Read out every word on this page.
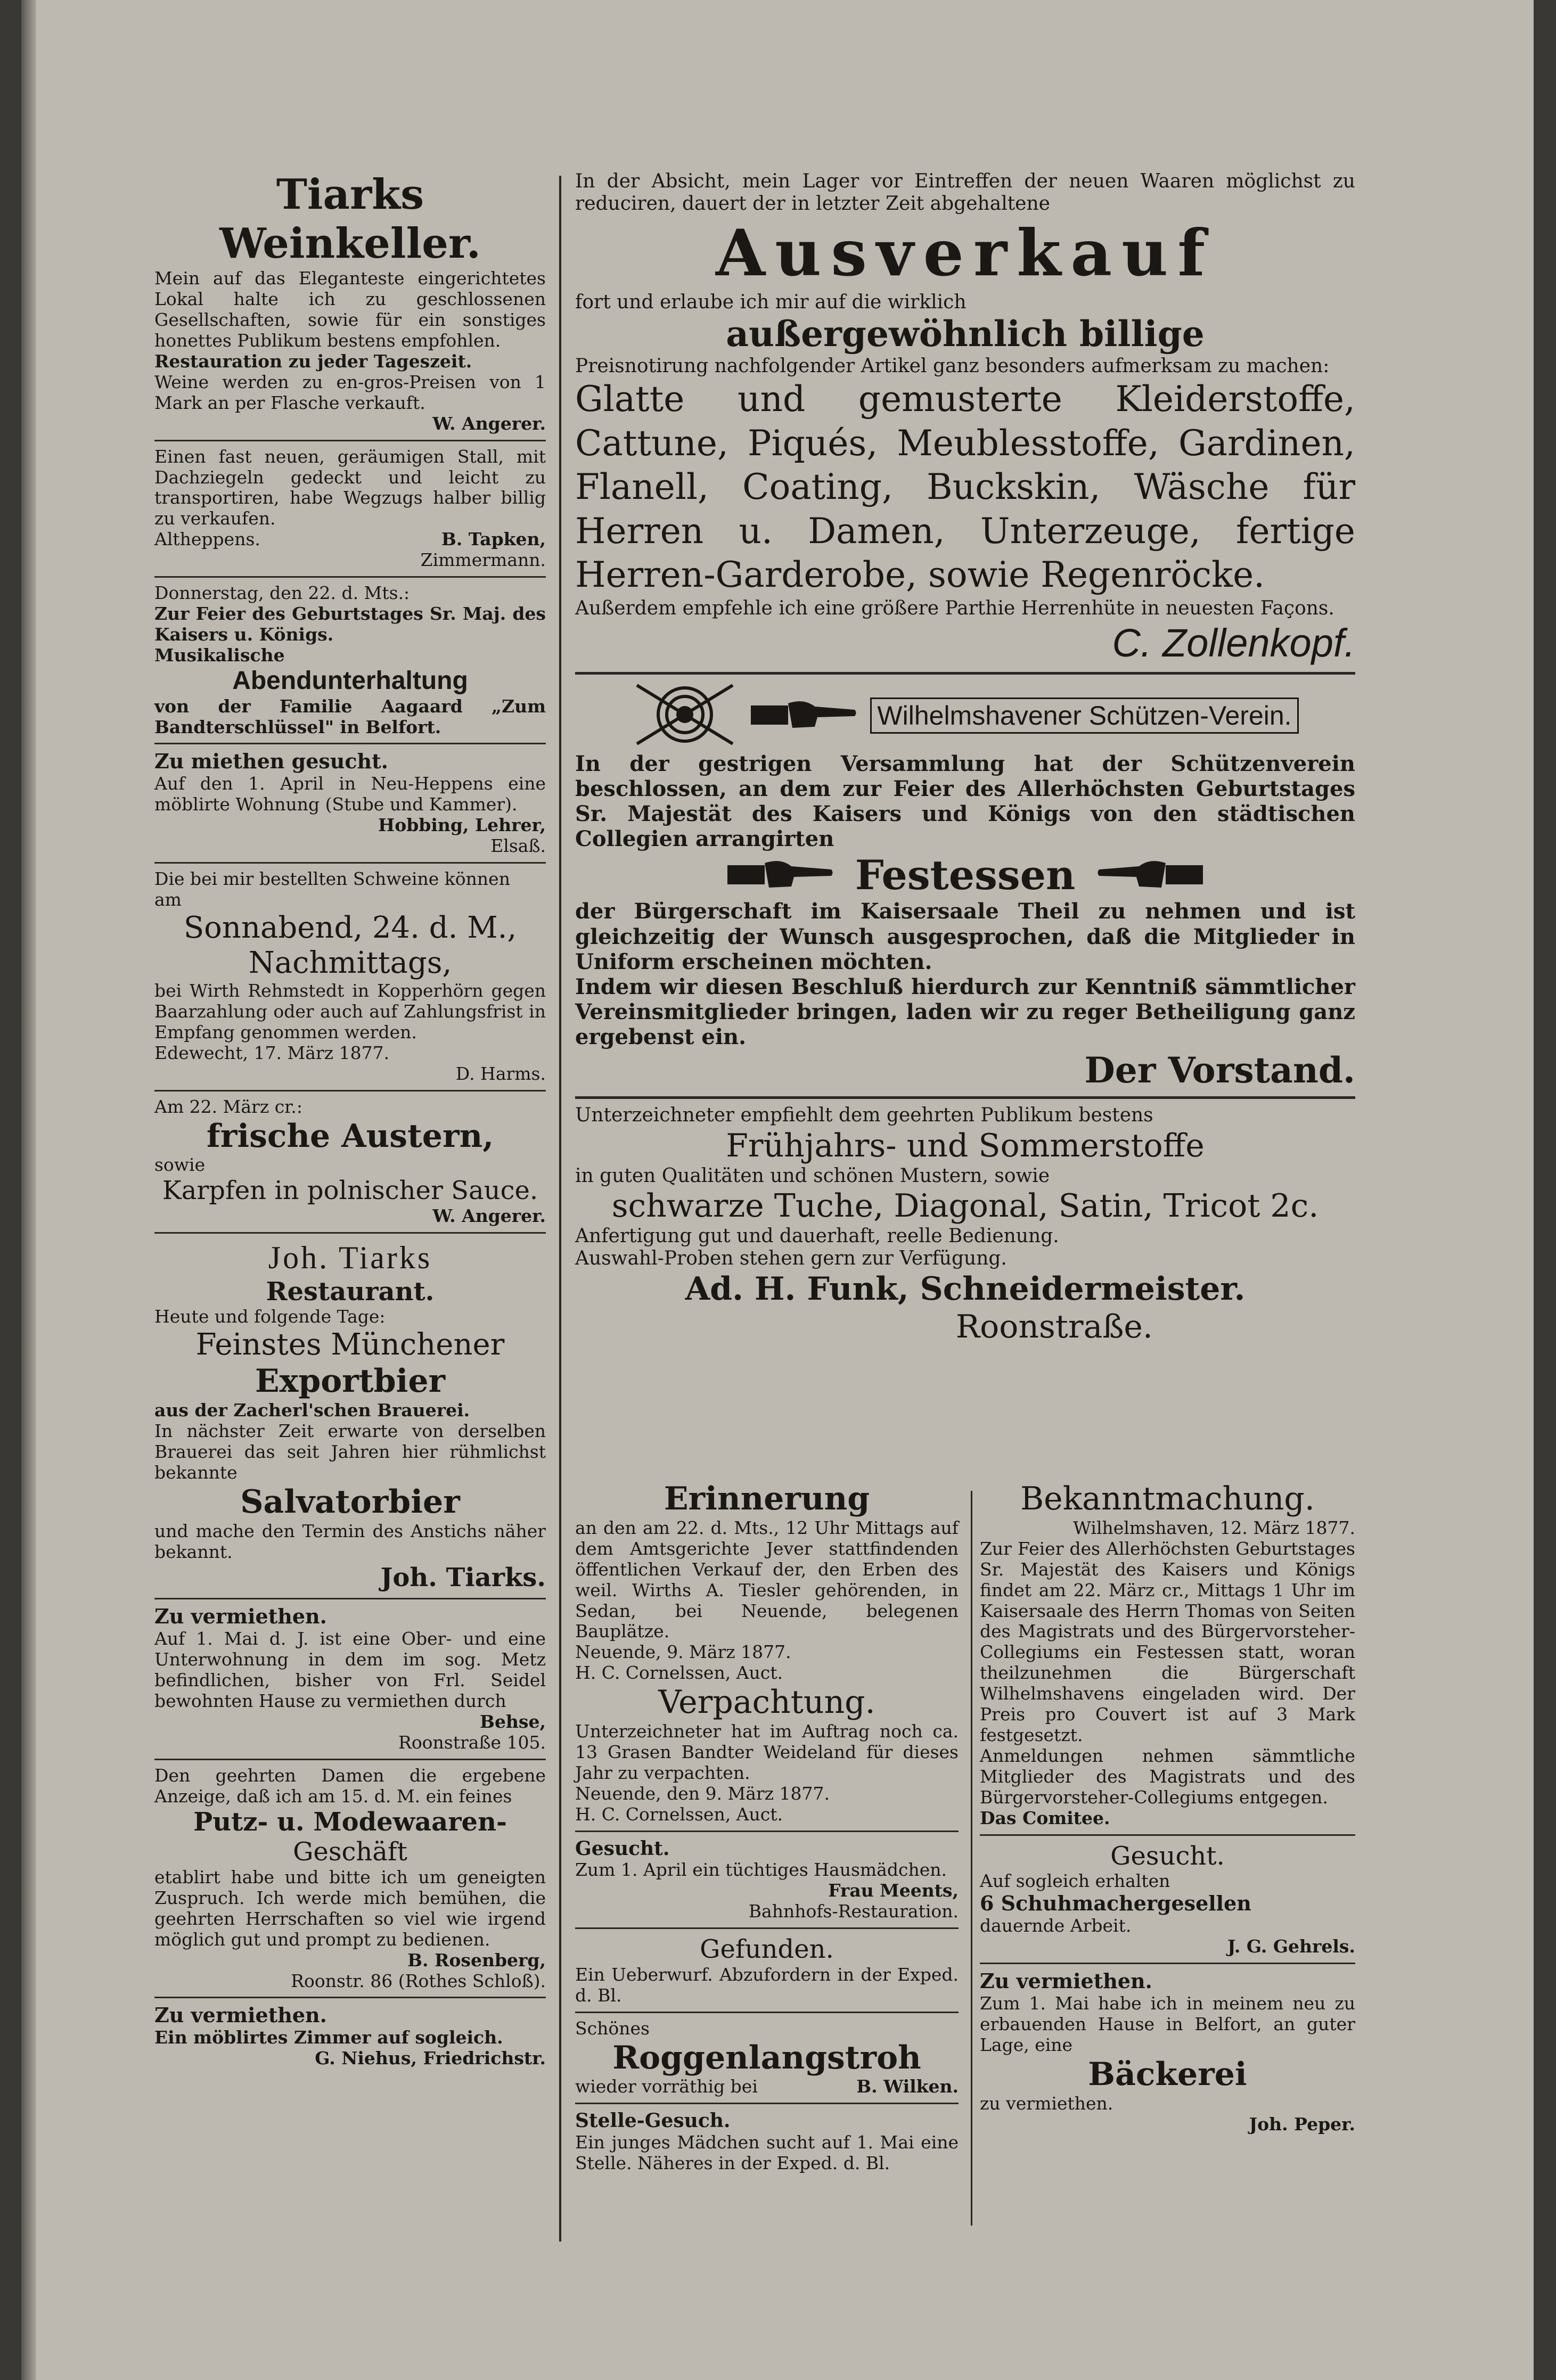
Tiarks Weinkeller.

Mein auf das Eleganteste eingerichtetes Lokal halte ich zu geschlossenen Gesellschaften, sowie für ein sonstiges honettes Publikum bestens empfohlen.

Restauration zu jeder Tageszeit.

Weine werden zu en-gros-Preisen von 1 Mark an per Flasche verkauft.

W. Angerer.

Einen fast neuen, geräumigen Stall, mit Dachziegeln gedeckt und leicht zu transportiren, habe Wegzugs halber billig zu verkaufen.

Altheppens.	B. Tapken,

Zimmermann.

Donnerstag, den 22. d. Mts.:

Zur Feier des Geburtstages Sr. Maj. des Kaisers u. Königs.

Musikalische

Abendunterhaltung

von der Familie Aagaard „Zum Bandterschlüssel" in Belfort.

Zu miethen gesucht.

Auf den 1. April in Neu-Heppens eine möblirte Wohnung (Stube und Kammer).

Hobbing, Lehrer,

Elsaß.

Die bei mir bestellten Schweine können

am

Sonnabend, 24. d. M.,

Nachmittags,

bei Wirth Rehmstedt in Kopperhörn gegen Baarzahlung oder auch auf Zahlungsfrist in Empfang genommen werden.

Edewecht, 17. März 1877.

D. Harms.

Am 22. März cr.:

frische Austern,

sowie

Karpfen in polnischer Sauce.

W. Angerer.

Joh. Tiarks

Restaurant.

Heute und folgende Tage:

Feinstes Münchener

Exportbier

aus der Zacherl'schen Brauerei.

In nächster Zeit erwarte von derselben Brauerei das seit Jahren hier rühmlichst bekannte

Salvatorbier

und mache den Termin des Anstichs näher bekannt.

Joh. Tiarks.

Zu vermiethen.

Auf 1. Mai d. J. ist eine Ober- und eine Unterwohnung in dem im sog. Metz befindlichen, bisher von Frl. Seidel bewohnten Hause zu vermiethen durch

Behse,

Roonstraße 105.

Den geehrten Damen die ergebene Anzeige, daß ich am 15. d. M. ein feines

Putz- u. Modewaaren-

Geschäft

etablirt habe und bitte ich um geneigten Zuspruch. Ich werde mich bemühen, die geehrten Herrschaften so viel wie irgend möglich gut und prompt zu bedienen.

B. Rosenberg,

Roonstr. 86 (Rothes Schloß).

Zu vermiethen.

Ein möblirtes Zimmer auf sogleich.

G. Niehus, Friedrichstr.

In der Absicht, mein Lager vor Eintreffen der neuen Waaren möglichst zu reduciren, dauert der in letzter Zeit abgehaltene

Ausverkauf

fort und erlaube ich mir auf die wirklich

außergewöhnlich billige

Preisnotirung nachfolgender Artikel ganz besonders aufmerksam zu machen:

Glatte und gemusterte Kleiderstoffe, Cattune, Piqués, Meublesstoffe, Gardinen, Flanell, Coating, Buckskin, Wäsche für Herren u. Damen, Unterzeuge, fertige Herren-Garderobe, sowie Regenröcke.

Außerdem empfehle ich eine größere Parthie Herrenhüte in neuesten Façons.

C. Zollenkopf.

Wilhelmshavener Schützen-Verein.

In der gestrigen Versammlung hat der Schützenverein beschlossen, an dem zur Feier des Allerhöchsten Geburtstages Sr. Majestät des Kaisers und Königs von den städtischen Collegien arrangirten

Festessen

der Bürgerschaft im Kaisersaale Theil zu nehmen und ist gleichzeitig der Wunsch ausgesprochen, daß die Mitglieder in Uniform erscheinen möchten.

Indem wir diesen Beschluß hierdurch zur Kenntniß sämmtlicher Vereinsmitglieder bringen, laden wir zu reger Betheiligung ganz ergebenst ein.

Der Vorstand.

Unterzeichneter empfiehlt dem geehrten Publikum bestens

Frühjahrs- und Sommerstoffe

in guten Qualitäten und schönen Mustern, sowie

schwarze Tuche, Diagonal, Satin, Tricot 2c.

Anfertigung gut und dauerhaft, reelle Bedienung.

Auswahl-Proben stehen gern zur Verfügung.

Ad. H. Funk, Schneidermeister.

Roonstraße.

Erinnerung

an den am 22. d. Mts., 12 Uhr Mittags auf dem Amtsgerichte Jever stattfindenden öffentlichen Verkauf der, den Erben des weil. Wirths A. Tiesler gehörenden, in Sedan, bei Neuende, belegenen Bauplätze.

Neuende, 9. März 1877.

H. C. Cornelssen, Auct.

Verpachtung.

Unterzeichneter hat im Auftrag noch ca. 13 Grasen Bandter Weideland für dieses Jahr zu verpachten.

Neuende, den 9. März 1877.

H. C. Cornelssen, Auct.

Gesucht.

Zum 1. April ein tüchtiges Hausmädchen.

Frau Meents,

Bahnhofs-Restauration.

Gefunden.

Ein Ueberwurf. Abzufordern in der Exped. d. Bl.

Schönes

Roggenlangstroh

wieder vorräthig bei	B. Wilken.

Stelle-Gesuch.

Ein junges Mädchen sucht auf 1. Mai eine Stelle. Näheres in der Exped. d. Bl.

Bekanntmachung.

Wilhelmshaven, 12. März 1877.

Zur Feier des Allerhöchsten Geburtstages Sr. Majestät des Kaisers und Königs findet am 22. März cr., Mittags 1 Uhr im Kaisersaale des Herrn Thomas von Seiten des Magistrats und des Bürgervorsteher-Collegiums ein Festessen statt, woran theilzunehmen die Bürgerschaft Wilhelmshavens eingeladen wird. Der Preis pro Couvert ist auf 3 Mark festgesetzt.

Anmeldungen nehmen sämmtliche Mitglieder des Magistrats und des Bürgervorsteher-Collegiums entgegen.

Das Comitee.

Gesucht.

Auf sogleich erhalten

6 Schuhmachergesellen

dauernde Arbeit.

J. G. Gehrels.

Zu vermiethen.

Zum 1. Mai habe ich in meinem neu zu erbauenden Hause in Belfort, an guter Lage, eine

Bäckerei

zu vermiethen.

Joh. Peper.
